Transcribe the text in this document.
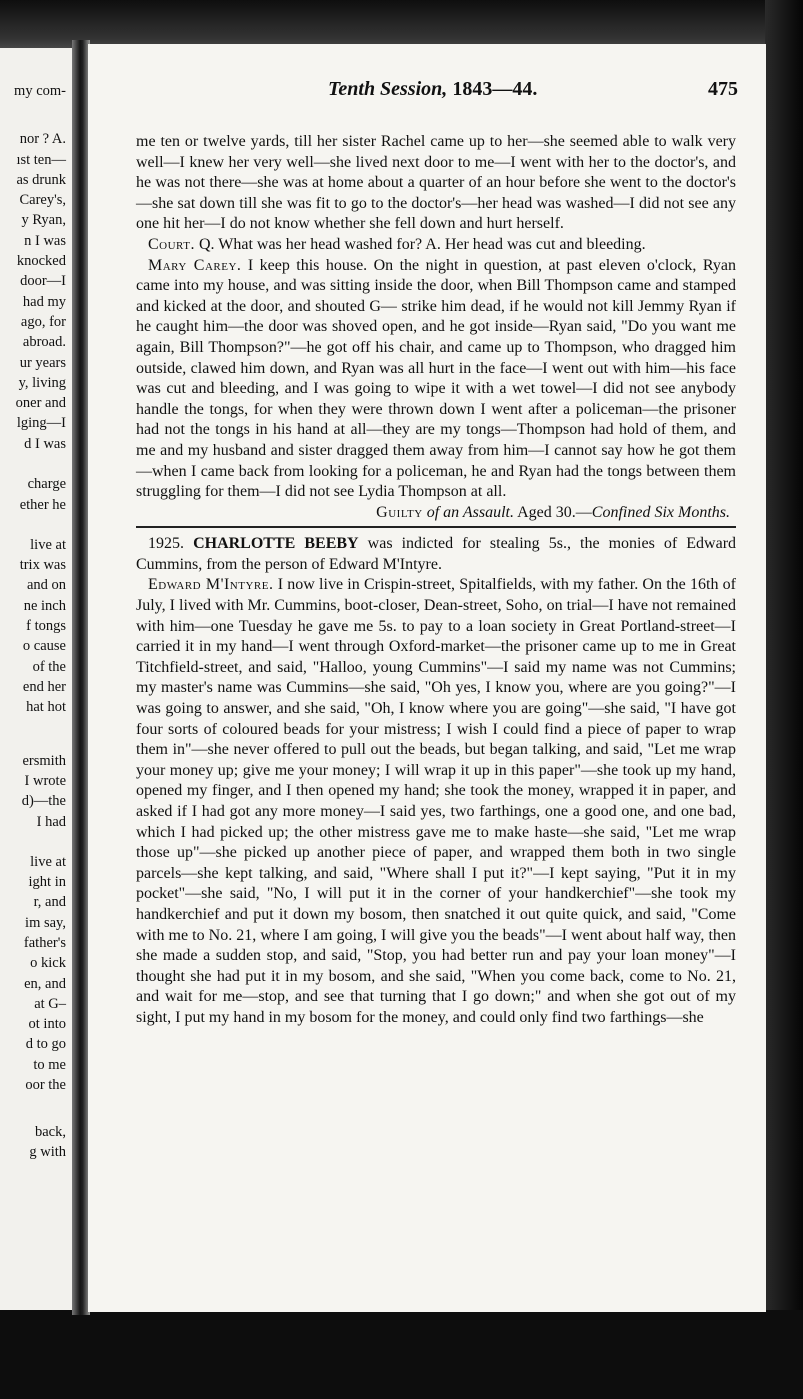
my com-
nor ? A.
ıst ten—
as drunk
Carey's,
y Ryan,
n I was
knocked
door—I
had my
ago, for
abroad.
ur years
y, living
oner and
lging—I
d I was
charge
ether he
live at
trix was
and on
ne inch
f tongs
o cause
of the
end her
hat hot
ersmith
I wrote
d)—the
I had
live at
ight in
r, and
im say,
father's
o kick
en, and
at G–
ot into
d to go
to me
oor the
back,
g with
Tenth Session, 1843—44.	475

me ten or twelve yards, till her sister Rachel came up to her—she seemed able to walk very well—I knew her very well—she lived next door to me—I went with her to the doctor's, and he was not there—she was at home about a quarter of an hour before she went to the doctor's—she sat down till she was fit to go to the doctor's—her head was washed—I did not see any one hit her—I do not know whether she fell down and hurt herself.

Court. Q. What was her head washed for? A. Her head was cut and bleeding.

Mary Carey. I keep this house. On the night in question, at past eleven o'clock, Ryan came into my house, and was sitting inside the door, when Bill Thompson came and stamped and kicked at the door, and shouted G— strike him dead, if he would not kill Jemmy Ryan if he caught him—the door was shoved open, and he got inside—Ryan said, "Do you want me again, Bill Thompson?"—he got off his chair, and came up to Thompson, who dragged him outside, clawed him down, and Ryan was all hurt in the face—I went out with him—his face was cut and bleeding, and I was going to wipe it with a wet towel—I did not see anybody handle the tongs, for when they were thrown down I went after a policeman—the prisoner had not the tongs in his hand at all—they are my tongs—Thompson had hold of them, and me and my husband and sister dragged them away from him—I cannot say how he got them—when I came back from looking for a policeman, he and Ryan had the tongs between them struggling for them—I did not see Lydia Thompson at all.

Guilty of an Assault. Aged 30.—Confined Six Months.

1925. CHARLOTTE BEEBY was indicted for stealing 5s., the monies of Edward Cummins, from the person of Edward M'Intyre.

Edward M'Intyre. I now live in Crispin-street, Spitalfields, with my father. On the 16th of July, I lived with Mr. Cummins, boot-closer, Dean-street, Soho, on trial—I have not remained with him—one Tuesday he gave me 5s. to pay to a loan society in Great Portland-street—I carried it in my hand—I went through Oxford-market—the prisoner came up to me in Great Titchfield-street, and said, "Halloo, young Cummins"—I said my name was not Cummins; my master's name was Cummins—she said, "Oh yes, I know you, where are you going?"—I was going to answer, and she said, "Oh, I know where you are going"—she said, "I have got four sorts of coloured beads for your mistress; I wish I could find a piece of paper to wrap them in"—she never offered to pull out the beads, but began talking, and said, "Let me wrap your money up; give me your money; I will wrap it up in this paper"—she took up my hand, opened my finger, and I then opened my hand; she took the money, wrapped it in paper, and asked if I had got any more money—I said yes, two farthings, one a good one, and one bad, which I had picked up; the other mistress gave me to make haste—she said, "Let me wrap those up"—she picked up another piece of paper, and wrapped them both in two single parcels—she kept talking, and said, "Where shall I put it?"—I kept saying, "Put it in my pocket"—she said, "No, I will put it in the corner of your handkerchief"—she took my handkerchief and put it down my bosom, then snatched it out quite quick, and said, "Come with me to No. 21, where I am going, I will give you the beads"—I went about half way, then she made a sudden stop, and said, "Stop, you had better run and pay your loan money"—I thought she had put it in my bosom, and she said, "When you come back, come to No. 21, and wait for me—stop, and see that turning that I go down;" and when she got out of my sight, I put my hand in my bosom for the money, and could only find two farthings—she
